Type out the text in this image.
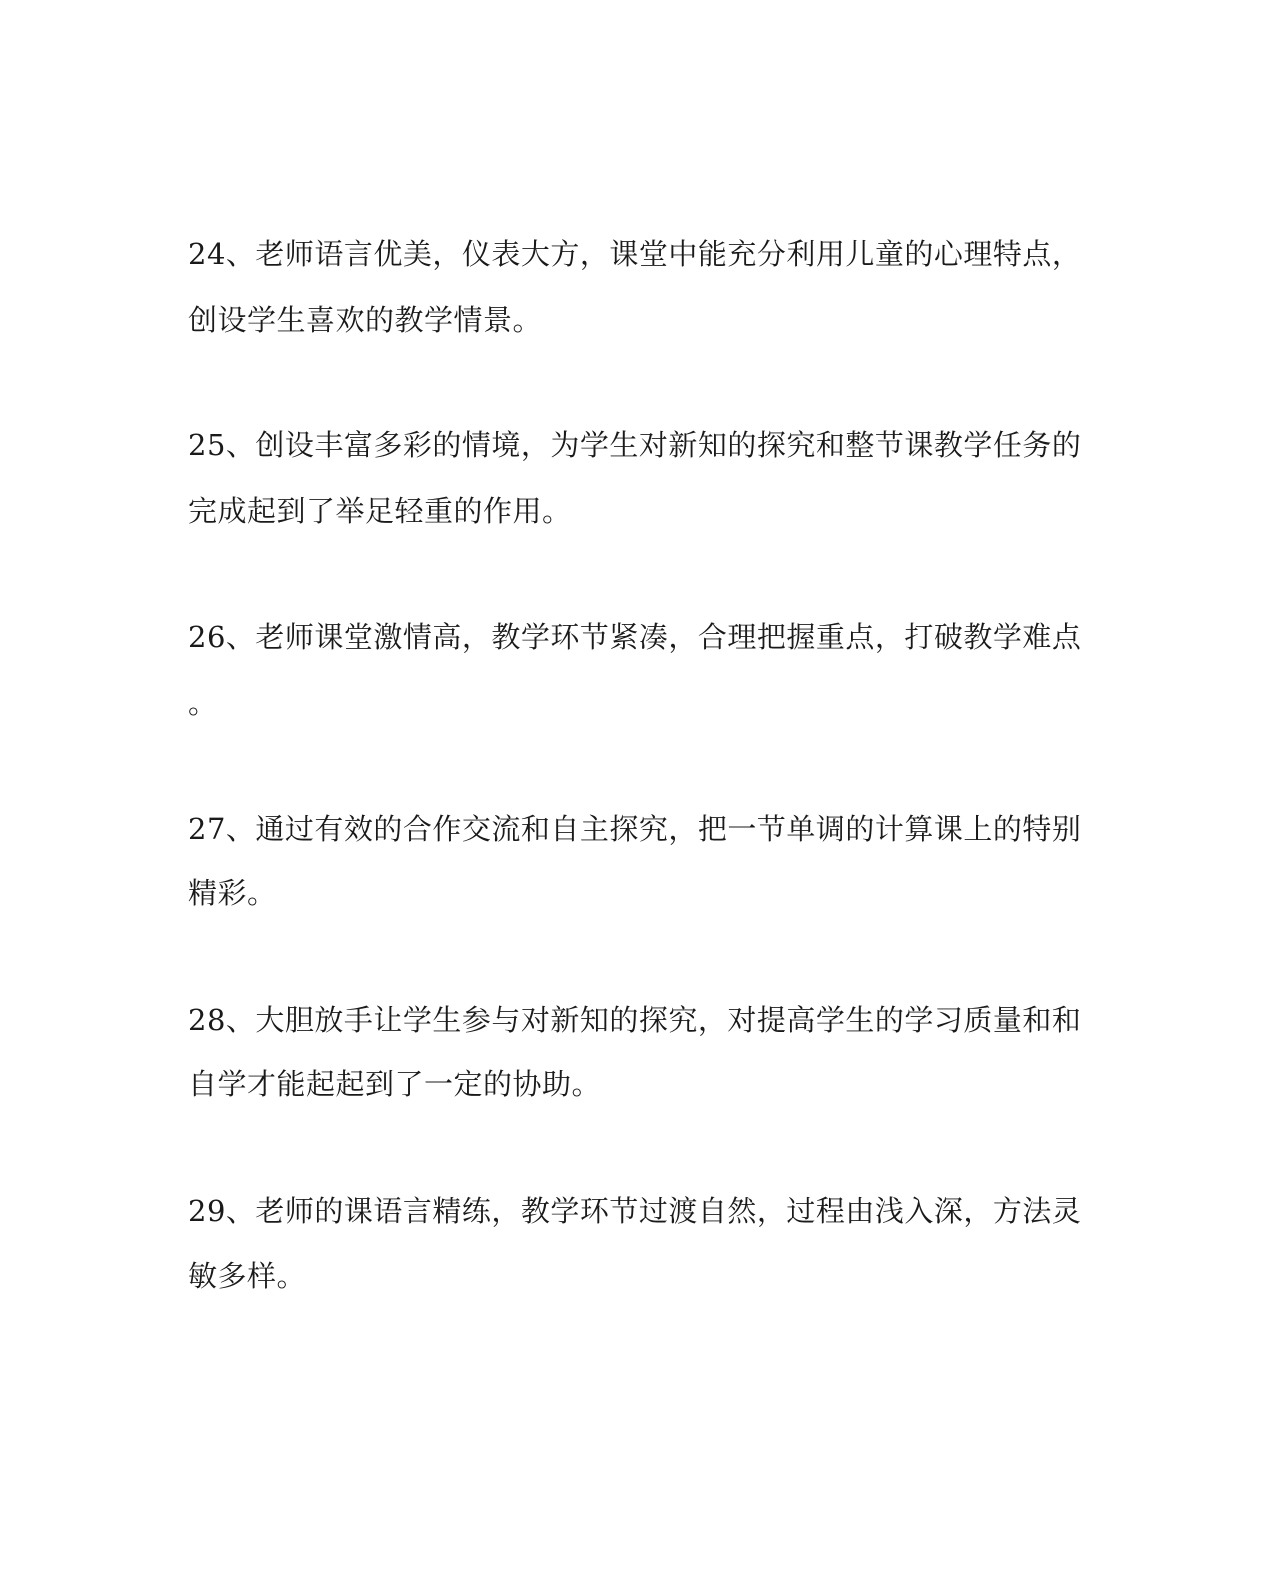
24、老师语言优美，仪表大方，课堂中能充分利用儿童的心理特点，
创设学生喜欢的教学情景。
25、创设丰富多彩的情境，为学生对新知的探究和整节课教学任务的
完成起到了举足轻重的作用。
26、老师课堂激情高，教学环节紧凑，合理把握重点，打破教学难点
。
27、通过有效的合作交流和自主探究，把一节单调的计算课上的特别
精彩。
28、大胆放手让学生参与对新知的探究，对提高学生的学习质量和和
自学才能起起到了一定的协助。
29、老师的课语言精练，教学环节过渡自然，过程由浅入深，方法灵
敏多样。
